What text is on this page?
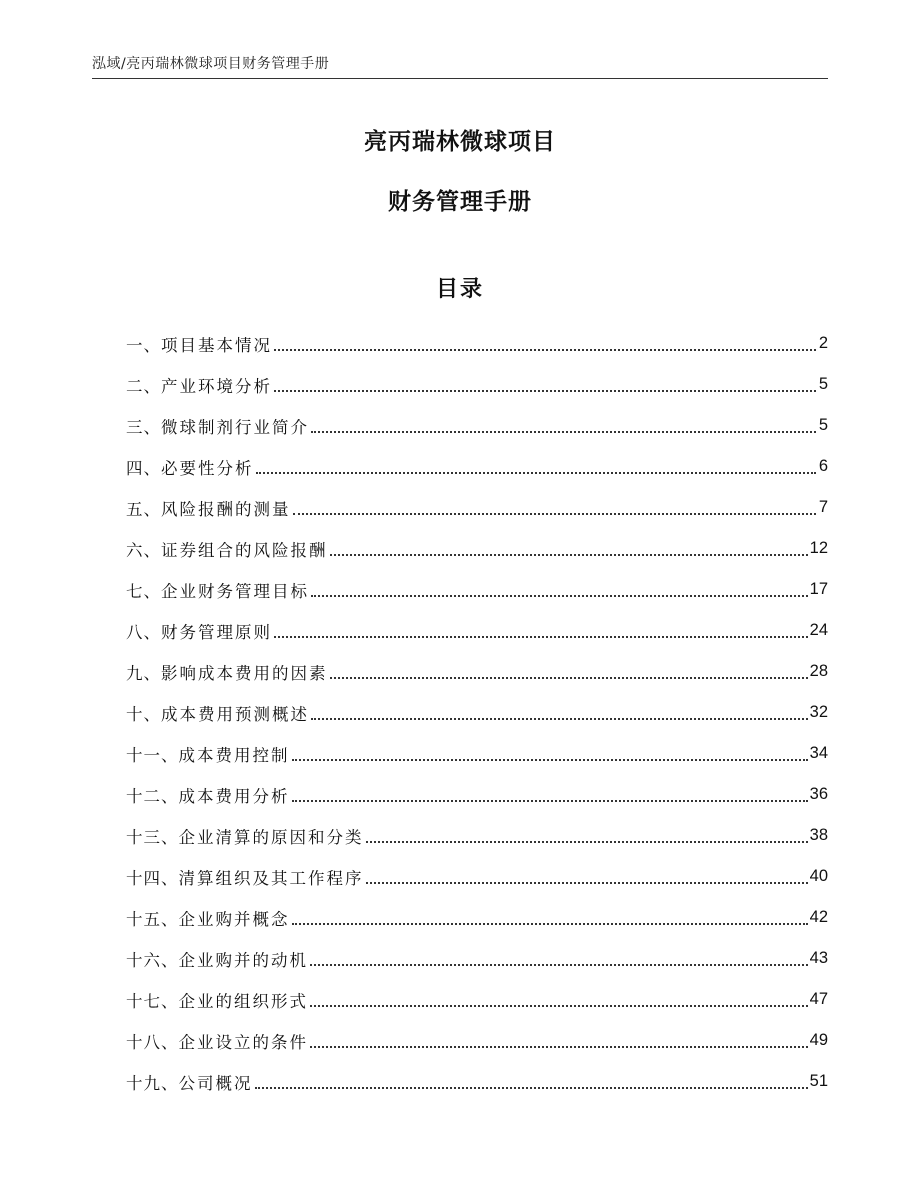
泓域/亮丙瑞林微球项目财务管理手册
亮丙瑞林微球项目
财务管理手册
目录
一、 项目基本情况	2
二、 产业环境分析	5
三、 微球制剂行业简介	5
四、 必要性分析	6
五、 风险报酬的测量	7
六、 证券组合的风险报酬	12
七、 企业财务管理目标	17
八、 财务管理原则	24
九、 影响成本费用的因素	28
十、 成本费用预测概述	32
十一、 成本费用控制	34
十二、 成本费用分析	36
十三、 企业清算的原因和分类	38
十四、 清算组织及其工作程序	40
十五、 企业购并概念	42
十六、 企业购并的动机	43
十七、 企业的组织形式	47
十八、 企业设立的条件	49
十九、 公司概况	51
